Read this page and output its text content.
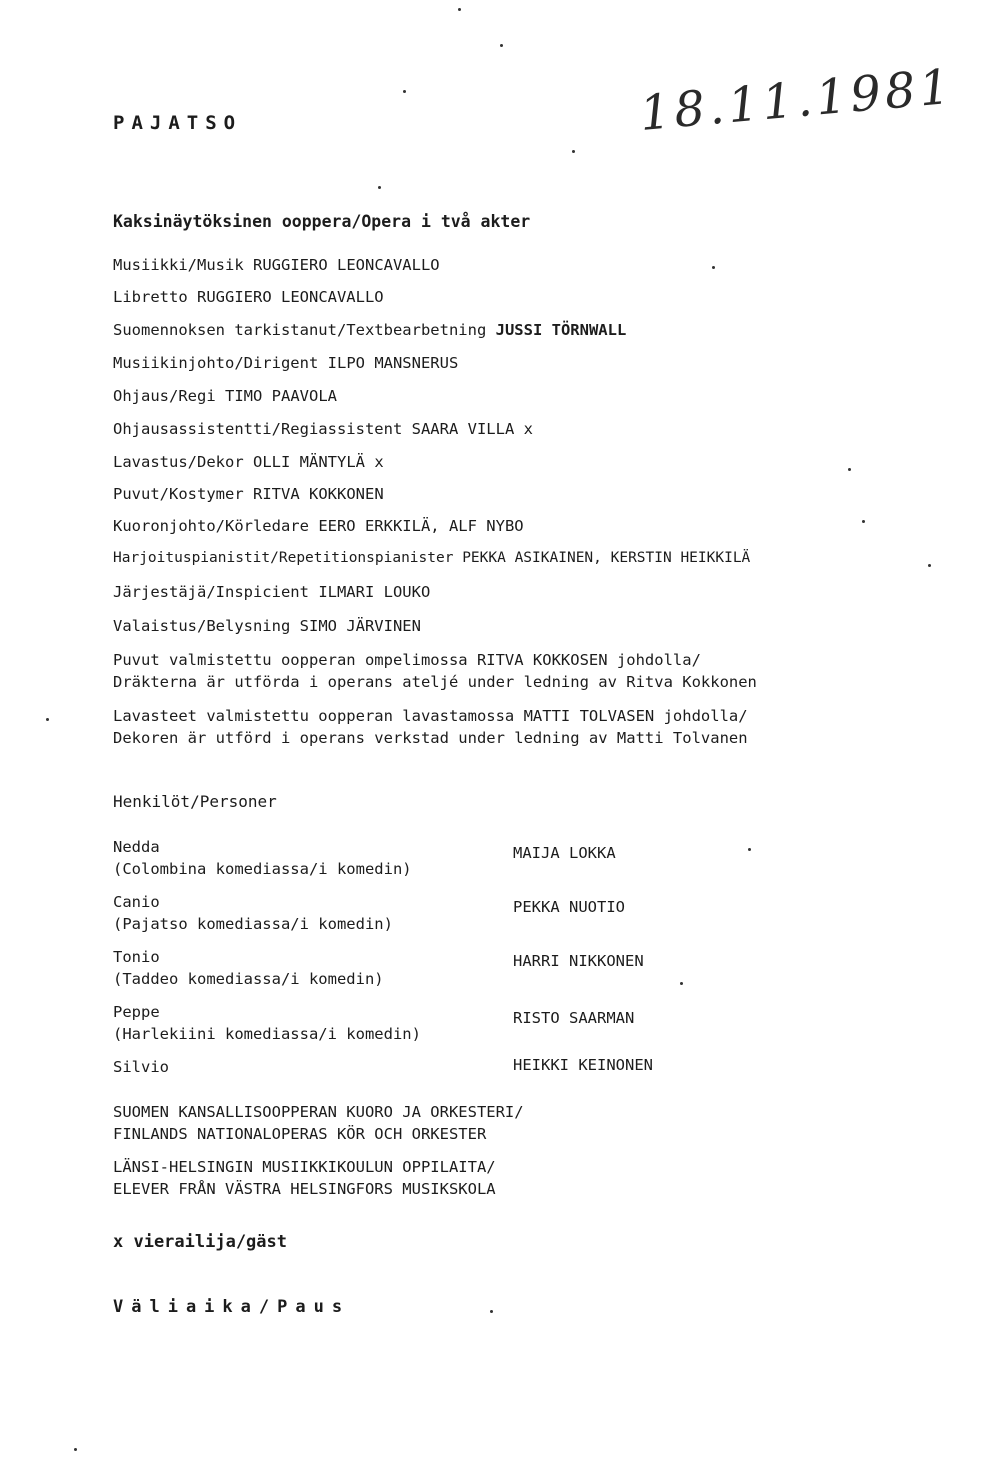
PAJATSO	18.11.1981
Kaksinäytöksinen ooppera/Opera i två akter
Musiikki/Musik RUGGIERO LEONCAVALLO
Libretto RUGGIERO LEONCAVALLO
Suomennoksen tarkistanut/Textbearbetning JUSSI TÖRNWALL
Musiikinjohto/Dirigent ILPO MANSNERUS
Ohjaus/Regi TIMO PAAVOLA
Ohjausassistentti/Regiassistent SAARA VILLA x
Lavastus/Dekor OLLI MÄNTYLÄ x
Puvut/Kostymer RITVA KOKKONEN
Kuoronjohto/Körledare EERO ERKKILÄ, ALF NYBO
Harjoituspianistit/Repetitionspianister PEKKA ASIKAINEN, KERSTIN HEIKKILÄ
Järjestäjä/Inspicient ILMARI LOUKO
Valaistus/Belysning SIMO JÄRVINEN
Puvut valmistettu oopperan ompelimossa RITVA KOKKOSEN johdolla/
Dräkterna är utförda i operans ateljé under ledning av Ritva Kokkonen
Lavasteet valmistettu oopperan lavastamossa MATTI TOLVASEN johdolla/
Dekoren är utförd i operans verkstad under ledning av Matti Tolvanen
Henkilöt/Personer
Nedda
(Colombina komediassa/i komedin)
MAIJA LOKKA
Canio
(Pajatso komediassa/i komedin)
PEKKA NUOTIO
Tonio
(Taddeo komediassa/i komedin)
HARRI NIKKONEN
Peppe
(Harlekiini komediassa/i komedin)
RISTO SAARMAN
Silvio	HEIKKI KEINONEN
SUOMEN KANSALLISOOPPERAN KUORO JA ORKESTERI/
FINLANDS NATIONALOPERAS KÖR OCH ORKESTER
LÄNSI-HELSINGIN MUSIIKKIKOULUN OPPILAITA/
ELEVER FRÅN VÄSTRA HELSINGFORS MUSIKSKOLA
x vierailija/gäst
Väliaika/Paus
